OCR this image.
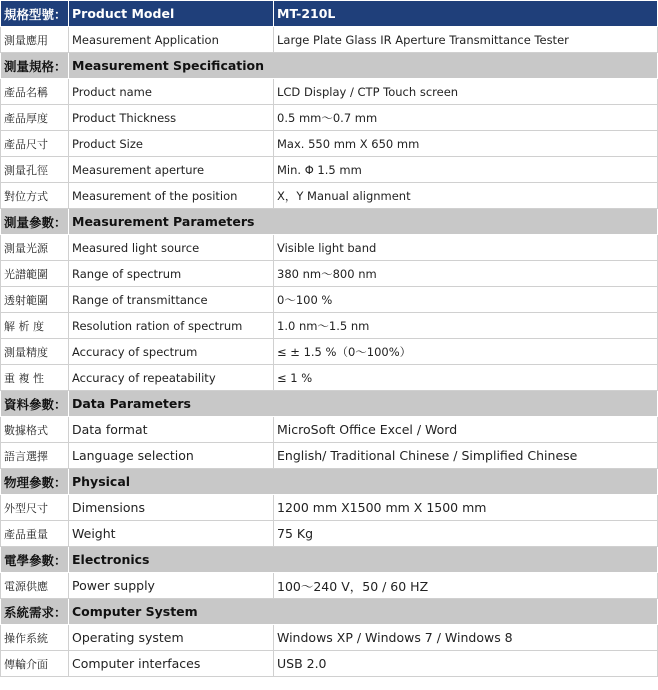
規格型號：	Product Model	MT-210L
測量應用	Measurement Application	Large Plate Glass IR Aperture Transmittance Tester
測量規格：	Measurement Specification	
產品名稱	Product name	LCD Display / CTP Touch screen
產品厚度	Product Thickness	0.5 mm～0.7 mm
產品尺寸	Product Size	Max. 550 mm X 650 mm
測量孔徑	Measurement aperture	Min. Φ 1.5 mm
對位方式	Measurement of the position	X，Y Manual alignment
測量參數：	Measurement Parameters	
測量光源	Measured light source	Visible light band
光譜範圍	Range of spectrum	380 nm～800 nm
透射範圍	Range of transmittance	0～100 %
解 析 度	Resolution ration of spectrum	1.0 nm～1.5 nm
測量精度	Accuracy of spectrum	≤ ± 1.5 %（0～100%）
重 複 性	Accuracy of repeatability	≤ 1 %
資料參數：	Data Parameters	
數據格式	Data format	MicroSoft Office Excel / Word
語言選擇	Language selection	English/ Traditional Chinese / Simplified Chinese
物理參數：	Physical	
外型尺寸	Dimensions	1200 mm X1500 mm X 1500 mm
產品重量	Weight	75 Kg
電學參數：	Electronics	
電源供應	Power supply	100～240 V，50 / 60 HZ
系統需求：	Computer System	
操作系統	Operating system	Windows XP / Windows 7 / Windows 8
傳輸介面	Computer interfaces	USB 2.0
